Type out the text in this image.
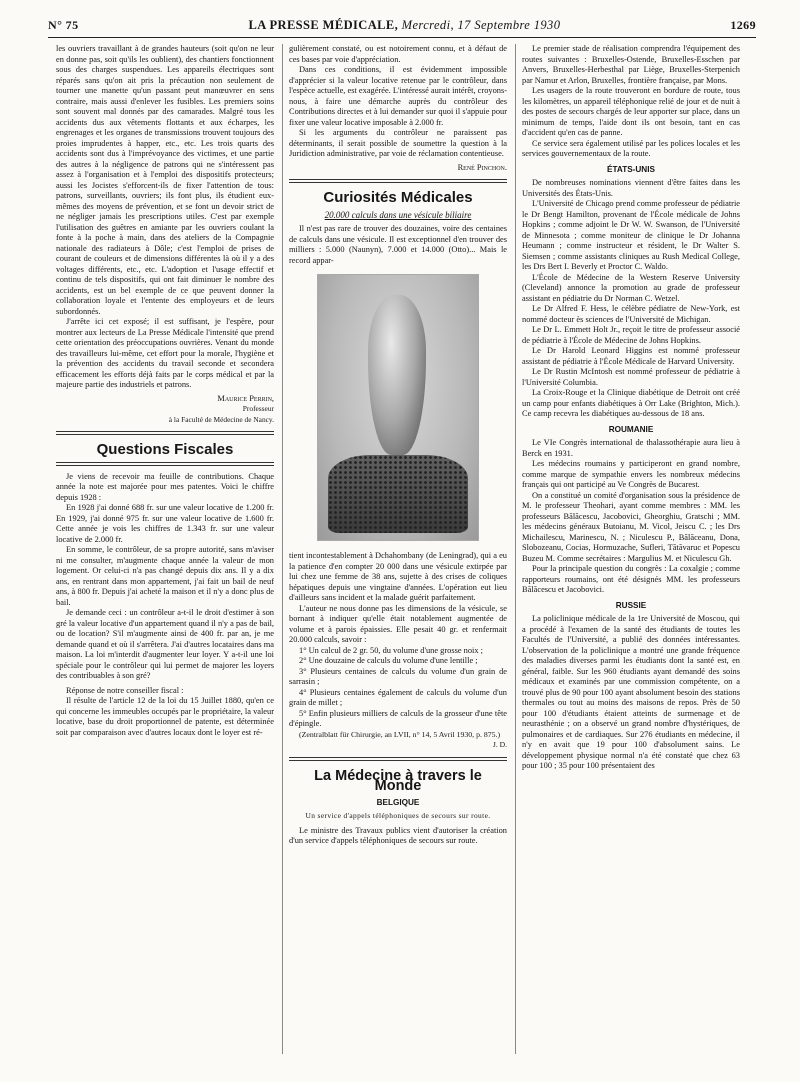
N° 75	LA PRESSE MÉDICALE, Mercredi, 17 Septembre 1930	1269

les ouvriers travaillant à de grandes hauteurs (soit qu'on ne leur en donne pas, soit qu'ils les oublient), des chantiers fonctionnent sous des charges suspendues. Les appareils électriques sont réparés sans qu'on ait pris la précaution non seulement de tourner une manette qu'un passant peut manœuvrer en sens contraire, mais aussi d'enlever les fusibles. Les premiers soins sont souvent mal donnés par des camarades. Malgré tous les accidents dus aux vêtements flottants et aux écharpes, les engrenages et les organes de transmissions trouvent toujours des proies imprudentes à happer, etc., etc. Les trois quarts des accidents sont dus à l'imprévoyance des victimes, et une partie des autres à la négligence de patrons qui ne s'intéressent pas assez à l'organisation et à l'emploi des dispositifs protecteurs; aussi les Jocistes s'efforcent-ils de fixer l'attention de tous: patrons, surveillants, ouvriers; ils font plus, ils étudient eux-mêmes des moyens de prévention, et se font un devoir strict de ne négliger jamais les prescriptions utiles. C'est par exemple l'utilisation des guêtres en amiante par les ouvriers coulant la fonte à la poche à main, dans des ateliers de la Compagnie nationale des radiateurs à Dôle; c'est l'emploi de prises de courant de couleurs et de dimensions différentes là où il y a des voltages différents, etc., etc. L'adoption et l'usage effectif et continu de tels dispositifs, qui ont fait diminuer le nombre des accidents, est un bel exemple de ce que peuvent donner la collaboration loyale et l'entente des employeurs et de leurs subordonnés.

J'arrête ici cet exposé; il est suffisant, je l'espère, pour montrer aux lecteurs de La Presse Médicale l'intensité que prend cette orientation des préoccupations ouvrières. Venant du monde des travailleurs lui-même, cet effort pour la morale, l'hygiène et la prévention des accidents du travail seconde et secondera efficacement les efforts déjà faits par le corps médical et par la majeure partie des industriels et patrons.

Maurice Perrin,

Professeur

à la Faculté de Médecine de Nancy.

Questions Fiscales

Je viens de recevoir ma feuille de contributions. Chaque année la note est majorée pour mes patentes. Voici le chiffre depuis 1928 :

En 1928 j'ai donné 688 fr. sur une valeur locative de 1.200 fr. En 1929, j'ai donné 975 fr. sur une valeur locative de 1.600 fr. Cette année je vois les chiffres de 1.343 fr. sur une valeur locative de 2.000 fr.

En somme, le contrôleur, de sa propre autorité, sans m'aviser ni me consulter, m'augmente chaque année la valeur de mon logement. Or celui-ci n'a pas changé depuis dix ans. Il y a dix ans, en rentrant dans mon appartement, j'ai fait un bail de neuf ans, à 800 fr. Depuis j'ai acheté la maison et il n'y a donc plus de bail.

Je demande ceci : un contrôleur a-t-il le droit d'estimer à son gré la valeur locative d'un appartement quand il n'y a pas de bail, ou de location? S'il m'augmente ainsi de 400 fr. par an, je me demande quand et où il s'arrêtera. J'ai d'autres locataires dans ma maison. La loi m'interdit d'augmenter leur loyer. Y a-t-il une loi spéciale pour le contrôleur qui lui permet de majorer les loyers des contribuables à son gré?

Réponse de notre conseiller fiscal :

Il résulte de l'article 12 de la loi du 15 Juillet 1880, qu'en ce qui concerne les immeubles occupés par le propriétaire, la valeur locative, base du droit proportionnel de patente, est déterminée soit par comparaison avec d'autres locaux dont le loyer est ré-

gulièrement constaté, ou est notoirement connu, et à défaut de ces bases par voie d'appréciation.

Dans ces conditions, il est évidemment impossible d'apprécier si la valeur locative retenue par le contrôleur, dans l'espèce actuelle, est exagérée. L'intéressé aurait intérêt, croyons-nous, à faire une démarche auprès du contrôleur des Contributions directes et à lui demander sur quoi il s'appuie pour fixer une valeur locative imposable à 2.000 fr.

Si les arguments du contrôleur ne paraissent pas déterminants, il serait possible de soumettre la question à la Juridiction administrative, par voie de réclamation contentieuse.

René Pinchon.

Curiosités Médicales
20.000 calculs dans une vésicule biliaire

Il n'est pas rare de trouver des douzaines, voire des centaines de calculs dans une vésicule. Il est exceptionnel d'en trouver des milliers : 5.000 (Naunyn), 7.000 et 14.000 (Otto)... Mais le record appar-

tient incontestablement à Dchahombany (de Leningrad), qui a eu la patience d'en compter 20 000 dans une vésicule extirpée par lui chez une femme de 38 ans, sujette à des crises de coliques hépatiques depuis une vingtaine d'années. L'opération eut lieu d'ailleurs sans incident et la malade guérit parfaitement.

L'auteur ne nous donne pas les dimensions de la vésicule, se bornant à indiquer qu'elle était notablement augmentée de volume et à parois épaissies. Elle pesait 40 gr. et renfermait 20.000 calculs, savoir :

1° Un calcul de 2 gr. 50, du volume d'une grosse noix ;

2° Une douzaine de calculs du volume d'une lentille ;

3° Plusieurs centaines de calculs du volume d'un grain de sarrasin ;

4° Plusieurs centaines également de calculs du volume d'un grain de millet ;

5° Enfin plusieurs milliers de calculs de la grosseur d'une tête d'épingle.

(Zentralblatt für Chirurgie, an LVII, n° 14, 5 Avril 1930, p. 875.)

J. D.

La Médecine à travers le Monde
BELGIQUE
Un service d'appels téléphoniques de secours sur route.

Le ministre des Travaux publics vient d'autoriser la création d'un service d'appels téléphoniques de secours sur route.

Le premier stade de réalisation comprendra l'équipement des routes suivantes : Bruxelles-Ostende, Bruxelles-Esschen par Anvers, Bruxelles-Herbesthal par Liège, Bruxelles-Sterpenich par Namur et Arlon, Bruxelles, frontière française, par Mons.

Les usagers de la route trouveront en bordure de route, tous les kilomètres, un appareil téléphonique relié de jour et de nuit à des postes de secours chargés de leur apporter sur place, dans un minimum de temps, l'aide dont ils ont besoin, tant en cas d'accident qu'en cas de panne.

Ce service sera également utilisé par les polices locales et les services gouvernementaux de la route.

ÉTATS-UNIS

De nombreuses nominations viennent d'être faites dans les Universités des États-Unis.

L'Université de Chicago prend comme professeur de pédiatrie le Dr Bengt Hamilton, provenant de l'École médicale de Johns Hopkins ; comme adjoint le Dr W. W. Swanson, de l'Université de Minnesota ; comme moniteur de clinique le Dr Johanna Heumann ; comme instructeur et résident, le Dr Walter S. Siemsen ; comme assistants cliniques au Rush Medical College, les Drs Bert I. Beverly et Proctor C. Waldo.

L'École de Médecine de la Western Reserve University (Cleveland) annonce la promotion au grade de professeur assistant en pédiatrie du Dr Norman C. Wetzel.

Le Dr Alfred F. Hess, le célèbre pédiatre de New-York, est nommé docteur ès sciences de l'Université de Michigan.

Le Dr L. Emmett Holt Jr., reçoit le titre de professeur associé de pédiatrie à l'École de Médecine de Johns Hopkins.

Le Dr Harold Leonard Higgins est nommé professeur assistant de pédiatrie à l'École Médicale de Harvard University.

Le Dr Rustin McIntosh est nommé professeur de pédiatrie à l'Université Columbia.

La Croix-Rouge et la Clinique diabétique de Detroit ont créé un camp pour enfants diabétiques à Orr Lake (Brighton, Mich.). Ce camp recevra les diabétiques au-dessous de 18 ans.

ROUMANIE

Le VIe Congrès international de thalassothérapie aura lieu à Berck en 1931.

Les médecins roumains y participeront en grand nombre, comme marque de sympathie envers les nombreux médecins français qui ont participé au Ve Congrès de Bucarest.

On a constitué un comité d'organisation sous la présidence de M. le professeur Theohari, ayant comme membres : MM. les professeurs Bălăcescu, Jacobovici, Gheorghiu, Gratschi ; MM. les médecins généraux Butoianu, M. Vicol, Jeiscu C. ; les Drs Michailescu, Marinescu, N. ; Niculescu P., Bălăceanu, Dona, Slobozeanu, Cocias, Hormuzache, Sufleri, Tătăvaruc et Popescu Buzeu M. Comme secrétaires : Margulius M. et Niculescu Gh.

Pour la principale question du congrès : La coxalgie ; comme rapporteurs roumains, ont été désignés MM. les professeurs Bălăcescu et Jacobovici.

RUSSIE

La policlinique médicale de la 1re Université de Moscou, qui a procédé à l'examen de la santé des étudiants de toutes les Facultés de l'Université, a publié des données intéressantes. L'observation de la policlinique a montré une grande fréquence des maladies diverses parmi les étudiants dont la santé est, en général, faible. Sur les 960 étudiants ayant demandé des soins médicaux et examinés par une commission compétente, on a trouvé plus de 90 pour 100 ayant absolument besoin des stations thermales ou tout au moins des maisons de repos. Près de 50 pour 100 d'étudiants étaient atteints de surmenage et de neurasthénie ; on a observé un grand nombre d'hystériques, de pulmonaires et de cardiaques. Sur 276 étudiants en médecine, il n'y en avait que 19 pour 100 d'absolument sains. Le développement physique normal n'a été constaté que chez 63 pour 100 ; 35 pour 100 présentaient des
